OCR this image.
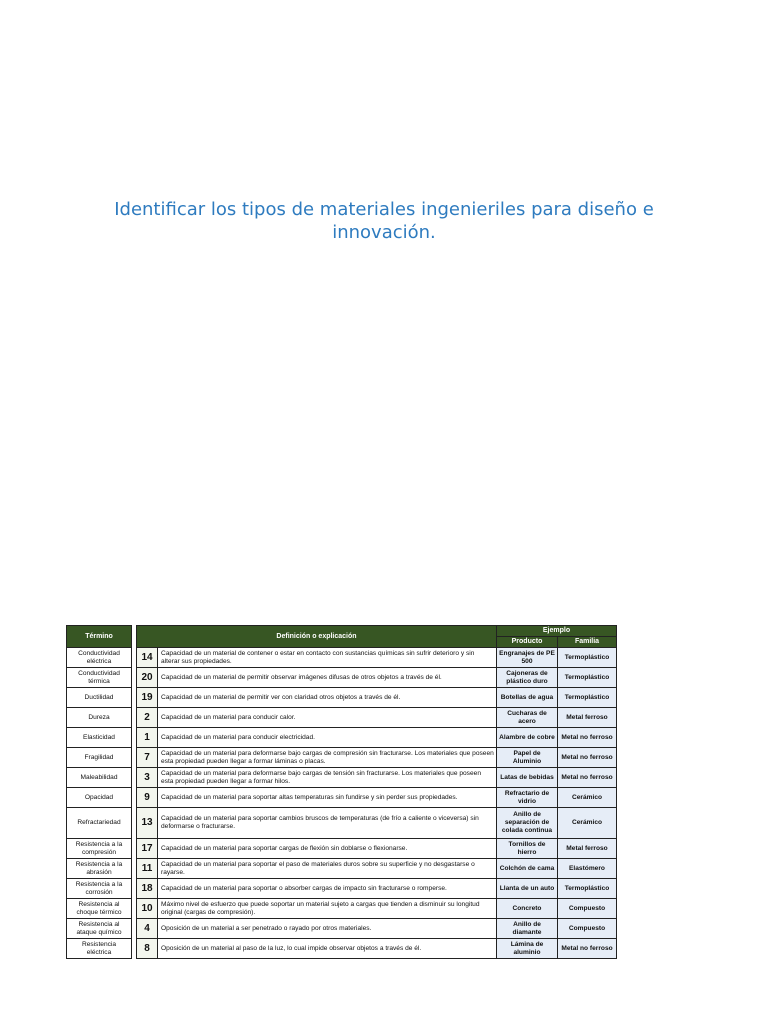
Identificar los tipos de materiales ingenieriles para diseño e innovación.
Término		Definición o explicación		Ejemplo	
				Producto	Familia
Conductividad eléctrica		14	Capacidad de un material de contener o estar en contacto con sustancias químicas sin sufrir deterioro y sin alterar sus propiedades.	Engranajes de PE 500	Termoplástico
Conductividad térmica		20	Capacidad de un material de permitir observar imágenes difusas de otros objetos a través de él.	Cajoneras de plástico duro	Termoplástico
Ductilidad		19	Capacidad de un material de permitir ver con claridad otros objetos a través de él.	Botellas de agua	Termoplástico
Dureza		2	Capacidad de un material para conducir calor.	Cucharas de acero	Metal ferroso
Elasticidad		1	Capacidad de un material para conducir electricidad.	Alambre de cobre	Metal no ferroso
Fragilidad		7	Capacidad de un material para deformarse bajo cargas de compresión sin fracturarse. Los materiales que poseen esta propiedad pueden llegar a formar láminas o placas.	Papel de Aluminio	Metal no ferroso
Maleabilidad		3	Capacidad de un material para deformarse bajo cargas de tensión sin fracturarse. Los materiales que poseen esta propiedad pueden llegar a formar hilos.	Latas de bebidas	Metal no ferroso
Opacidad		9	Capacidad de un material para soportar altas temperaturas sin fundirse y sin perder sus propiedades.	Refractario de vidrio	Cerámico
Refractariedad		13	Capacidad de un material para soportar cambios bruscos de temperaturas (de frío a caliente o viceversa) sin deformarse o fracturarse.	Anillo de separación de colada continua	Cerámico
Resistencia a la compresión		17	Capacidad de un material para soportar cargas de flexión sin doblarse o flexionarse.	Tornillos de hierro	Metal ferroso
Resistencia a la abrasión		11	Capacidad de un material para soportar el paso de materiales duros sobre su superficie y no desgastarse o rayarse.	Colchón de cama	Elastómero
Resistencia a la corrosión		18	Capacidad de un material para soportar o absorber cargas de impacto sin fracturarse o romperse.	Llanta de un auto	Termoplástico
Resistencia al choque térmico		10	Máximo nivel de esfuerzo que puede soportar un material sujeto a cargas que tienden a disminuir su longitud original (cargas de compresión).	Concreto	Compuesto
Resistencia al ataque químico		4	Oposición de un material a ser penetrado o rayado por otros materiales.	Anillo de diamante	Compuesto
Resistencia eléctrica		8	Oposición de un material al paso de la luz, lo cual impide observar objetos a través de él.	Lámina de aluminio	Metal no ferroso
